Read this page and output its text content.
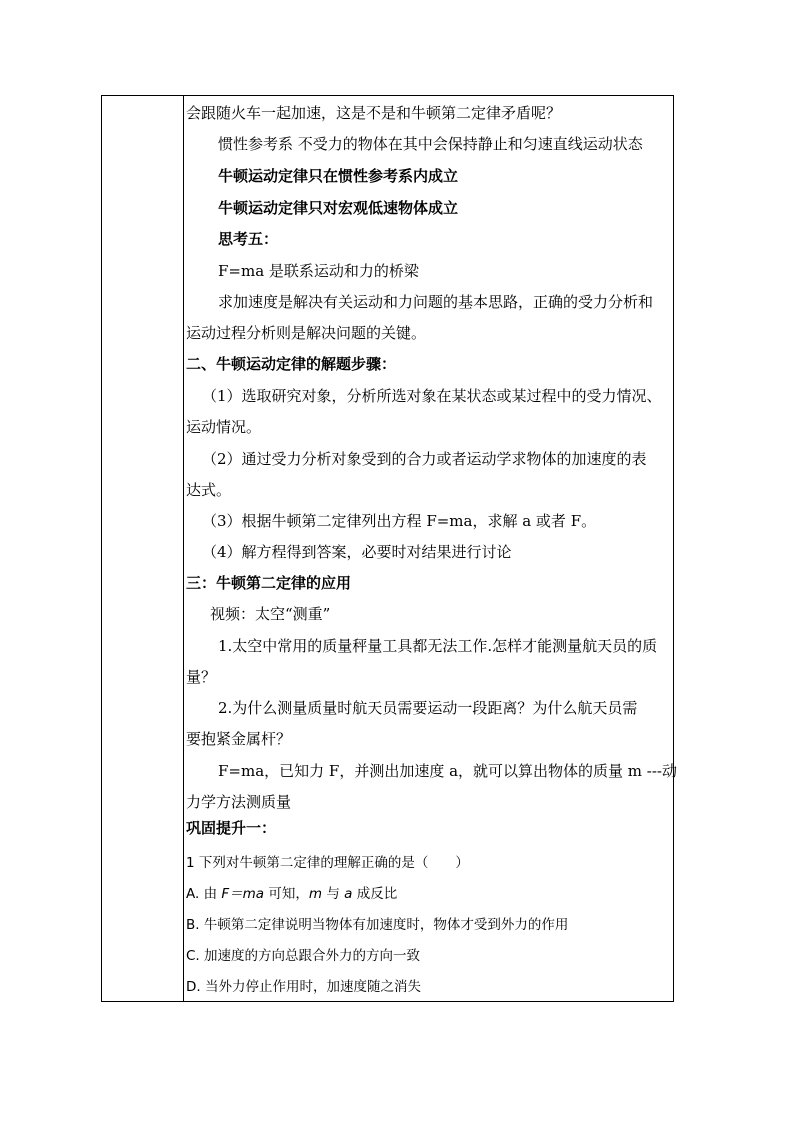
会跟随火车一起加速，这是不是和牛顿第二定律矛盾呢？
惯性参考系 不受力的物体在其中会保持静止和匀速直线运动状态
牛顿运动定律只在惯性参考系内成立
牛顿运动定律只对宏观低速物体成立
思考五：
F=ma 是联系运动和力的桥梁
求加速度是解决有关运动和力问题的基本思路，正确的受力分析和
运动过程分析则是解决问题的关键。
二、牛顿运动定律的解题步骤：
（1）选取研究对象，分析所选对象在某状态或某过程中的受力情况、
运动情况。
（2）通过受力分析对象受到的合力或者运动学求物体的加速度的表
达式。
（3）根据牛顿第二定律列出方程 F=ma，求解 a 或者 F。
（4）解方程得到答案，必要时对结果进行讨论
三：牛顿第二定律的应用
视频：太空“测重”
1.太空中常用的质量秤量工具都无法工作.怎样才能测量航天员的质
量？
2.为什么测量质量时航天员需要运动一段距离？为什么航天员需
要抱紧金属杆？
F=ma，已知力 F，并测出加速度 a，就可以算出物体的质量 m ---动
力学方法测质量
巩固提升一：
1 下列对牛顿第二定律的理解正确的是（　　）
A. 由 F＝ma 可知，m 与 a 成反比
B. 牛顿第二定律说明当物体有加速度时，物体才受到外力的作用
C. 加速度的方向总跟合外力的方向一致
D. 当外力停止作用时，加速度随之消失
